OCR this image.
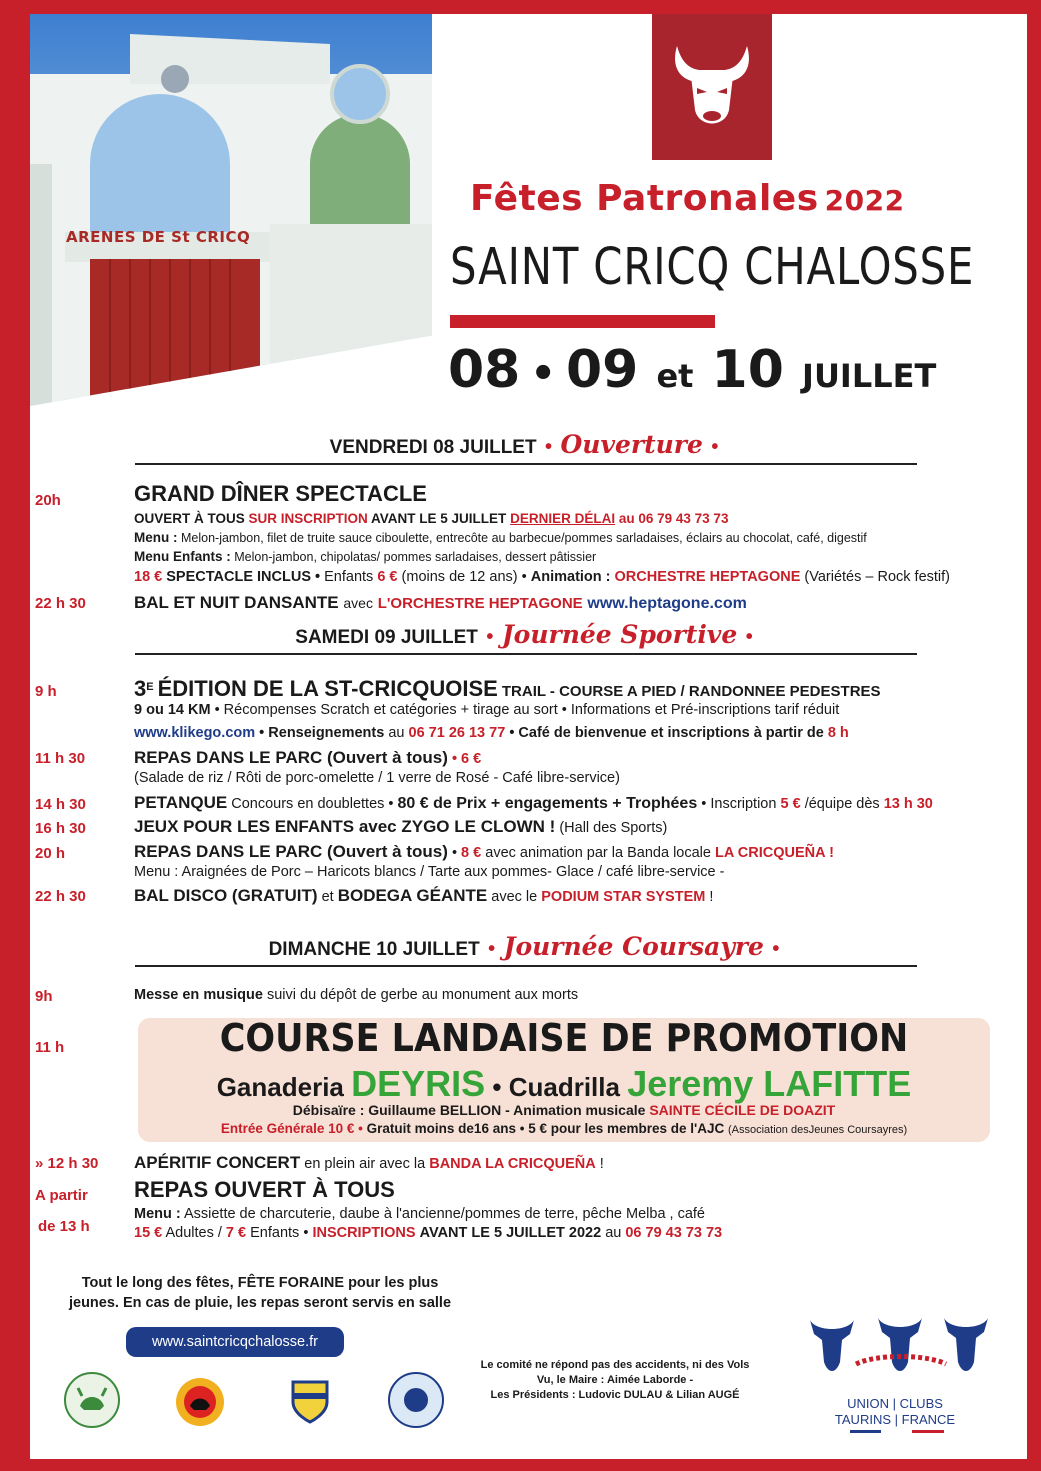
ARENES DE St CRICQ
Fêtes Patronales 2022
SAINT CRICQ CHALOSSE
08 • 09 et 10 JUILLET
VENDREDI 08 JUILLET • Ouverture •
20h	GRAND DÎNER SPECTACLE
OUVERT À TOUS SUR INSCRIPTION AVANT LE 5 JUILLET DERNIER DÉLAI au 06 79 43 73 73
Menu : Melon-jambon, filet de truite sauce ciboulette, entrecôte au barbecue/pommes sarladaises, éclairs au chocolat, café, digestif
Menu Enfants : Melon-jambon, chipolatas/ pommes sarladaises, dessert pâtissier
18 € SPECTACLE INCLUS • Enfants 6 € (moins de 12 ans) • Animation : ORCHESTRE HEPTAGONE (Variétés – Rock festif)
22 h 30	BAL ET NUIT DANSANTE avec L'ORCHESTRE HEPTAGONE www.heptagone.com
SAMEDI 09 JUILLET • Journée Sportive •
9 h	$3^E$ ÉDITION DE LA ST-CRICQUOISE TRAIL - COURSE A PIED / RANDONNEE PEDESTRES
9 ou 14 KM • Récompenses Scratch et catégories + tirage au sort • Informations et Pré-inscriptions tarif réduit
www.klikego.com • Renseignements au 06 71 26 13 77 • Café de bienvenue et inscriptions à partir de 8 h
11 h 30	REPAS DANS LE PARC (Ouvert à tous) • 6 €
(Salade de riz / Rôti de porc-omelette / 1 verre de Rosé - Café libre-service)
14 h 30	PETANQUE Concours en doublettes • 80 € de Prix + engagements + Trophées • Inscription 5 € /équipe dès 13 h 30
16 h 30	JEUX POUR LES ENFANTS avec ZYGO LE CLOWN ! (Hall des Sports)
20 h	REPAS DANS LE PARC (Ouvert à tous) • 8 € avec animation par la Banda locale LA CRICQUEÑA !
Menu : Araignées de Porc – Haricots blancs / Tarte aux pommes- Glace / café libre-service -
22 h 30	BAL DISCO (GRATUIT) et BODEGA GÉANTE avec le PODIUM STAR SYSTEM !
DIMANCHE 10 JUILLET • Journée Coursayre •
9h	Messe en musique suivi du dépôt de gerbe au monument aux morts
11 h	COURSE LANDAISE DE PROMOTION
Ganaderia DEYRIS • Cuadrilla Jeremy LAFITTE
Débisaïre : Guillaume BELLION - Animation musicale SAINTE CÉCILE DE DOAZIT
Entrée Générale 10 € • Gratuit moins de16 ans • 5 € pour les membres de l'AJC (Association desJeunes Coursayres)
» 12 h 30	APÉRITIF CONCERT en plein air avec la BANDA LA CRICQUEÑA !
A partir
de 13 h
REPAS OUVERT À TOUS
Menu : Assiette de charcuterie, daube à l'ancienne/pommes de terre, pêche Melba , café
15 € Adultes / 7 € Enfants • INSCRIPTIONS AVANT LE 5 JUILLET 2022 au 06 79 43 73 73
Tout le long des fêtes, FÊTE FORAINE pour les plus
jeunes. En cas de pluie, les repas seront servis en salle
www.saintcricqchalosse.fr
Le comité ne répond pas des accidents, ni des Vols
Vu, le Maire : Aimée Laborde -
Les Présidents : Ludovic DULAU & Lilian AUGÉ
UNION | CLUBS
TAURINS | FRANCE
